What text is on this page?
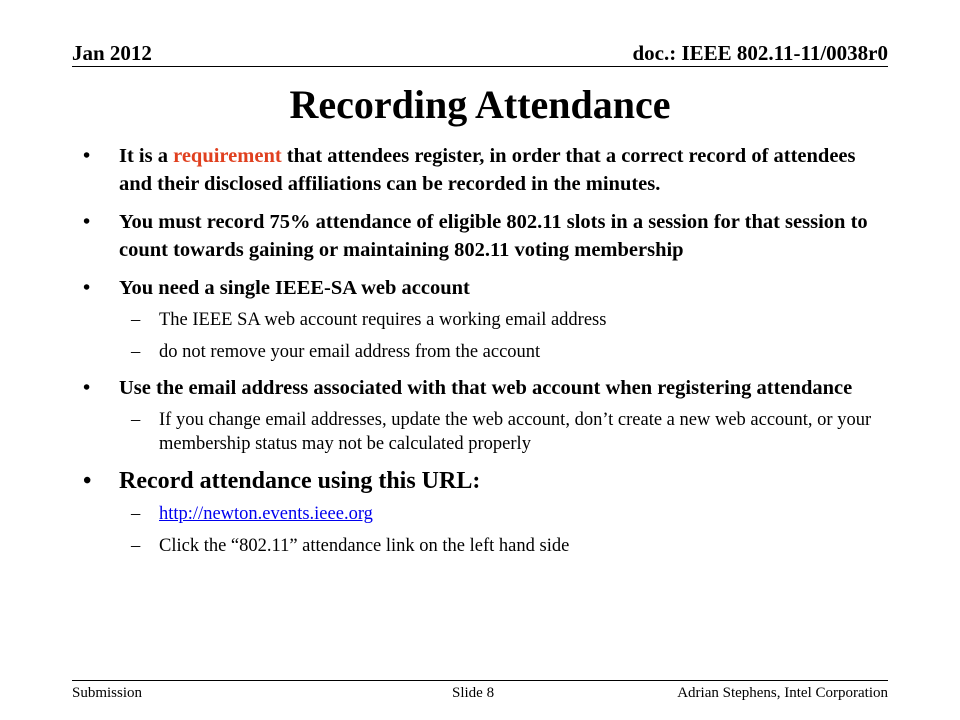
Jan 2012	doc.: IEEE 802.11-11/0038r0
Recording Attendance
• It is a requirement that attendees register, in order that a correct record of attendees and their disclosed affiliations can be recorded in the minutes.
• You must record 75% attendance of eligible 802.11 slots in a session for that session to count towards gaining or maintaining 802.11 voting membership
• You need a single IEEE-SA web account
– The IEEE SA web account requires a working email address
– do not remove your email address from the account
• Use the email address associated with that web account when registering attendance
– If you change email addresses, update the web account, don’t create a new web account, or your membership status may not be calculated properly
• Record attendance using this URL:
– http://newton.events.ieee.org
– Click the “802.11” attendance link on the left hand side
Submission	Slide 8	Adrian Stephens, Intel Corporation
